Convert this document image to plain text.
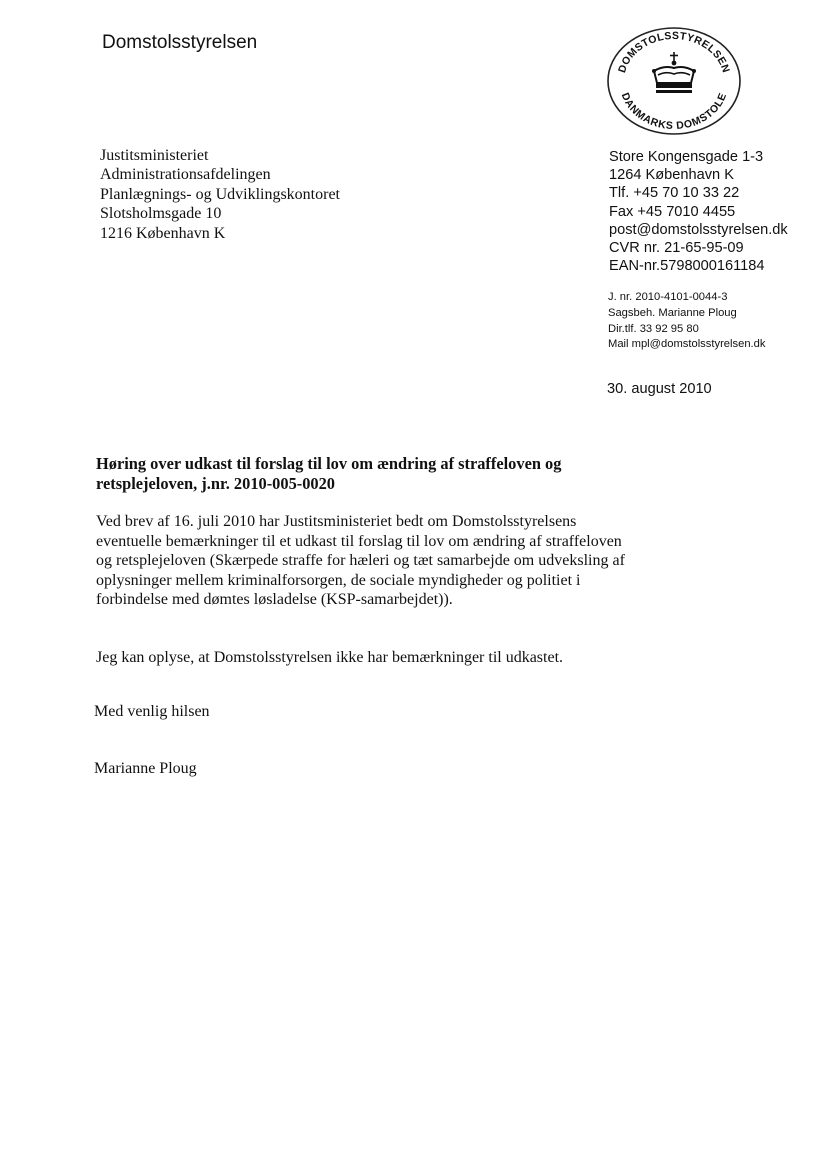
Domstolsstyrelsen
DOMSTOLSSTYRELSEN
DANMARKS DOMSTOLE
Justitsministeriet
Administrationsafdelingen
Planlægnings- og Udviklingskontoret
Slotsholmsgade 10
1216 København K
Store Kongensgade 1-3
1264 København K
Tlf. +45 70 10 33 22
Fax +45 7010 4455
post@domstolsstyrelsen.dk
CVR nr. 21-65-95-09
EAN-nr.5798000161184
J. nr. 2010-4101-0044-3
Sagsbeh. Marianne Ploug
Dir.tlf. 33 92 95 80
Mail mpl@domstolsstyrelsen.dk
30. august 2010
Høring over udkast til forslag til lov om ændring af straffeloven og retsplejeloven, j.nr. 2010-005-0020
Ved brev af 16. juli 2010 har Justitsministeriet bedt om Domstolsstyrelsens eventuelle bemærkninger til et udkast til forslag til lov om ændring af straffeloven og retsplejeloven (Skærpede straffe for hæleri og tæt samarbejde om udveksling af oplysninger mellem kriminalforsorgen, de sociale myndigheder og politiet i forbindelse med dømtes løsladelse (KSP-samarbejdet)).
Jeg kan oplyse, at Domstolsstyrelsen ikke har bemærkninger til udkastet.
Med venlig hilsen
Marianne Ploug
